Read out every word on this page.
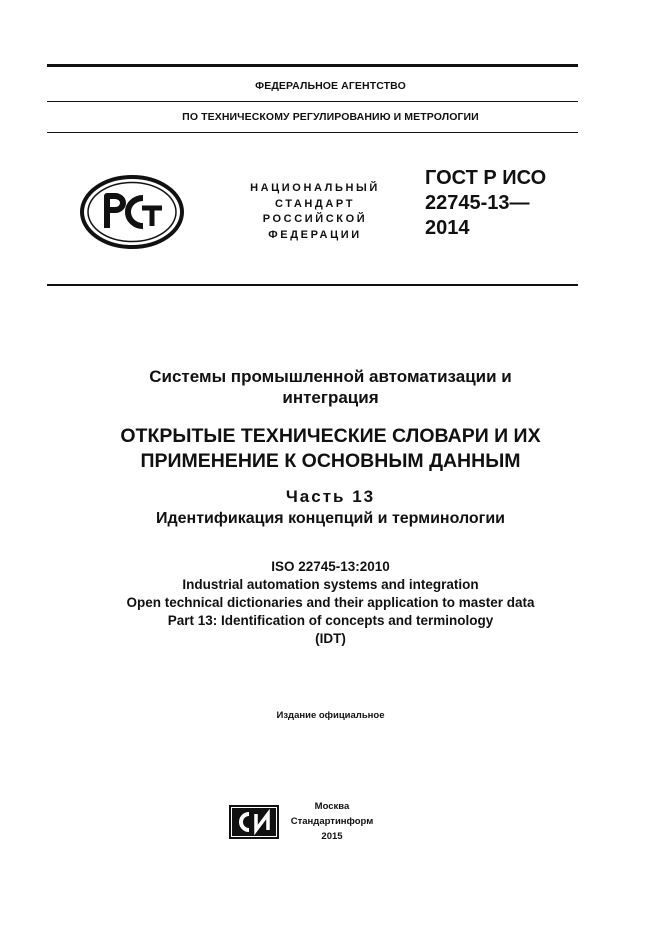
ФЕДЕРАЛЬНОЕ АГЕНТСТВО
ПО ТЕХНИЧЕСКОМУ РЕГУЛИРОВАНИЮ И МЕТРОЛОГИИ
НАЦИОНАЛЬНЫЙ
СТАНДАРТ
РОССИЙСКОЙ
ФЕДЕРАЦИИ
ГОСТ Р ИСО
22745-13—
2014
Системы промышленной автоматизации и
интеграция
ОТКРЫТЫЕ ТЕХНИЧЕСКИЕ СЛОВАРИ И ИХ
ПРИМЕНЕНИЕ К ОСНОВНЫМ ДАННЫМ
Часть 13
Идентификация концепций и терминологии
ISO 22745-13:2010
Industrial automation systems and integration
Open technical dictionaries and their application to master data
Part 13: Identification of concepts and terminology
(IDT)
Издание официальное
Москва
Стандартинформ
2015
